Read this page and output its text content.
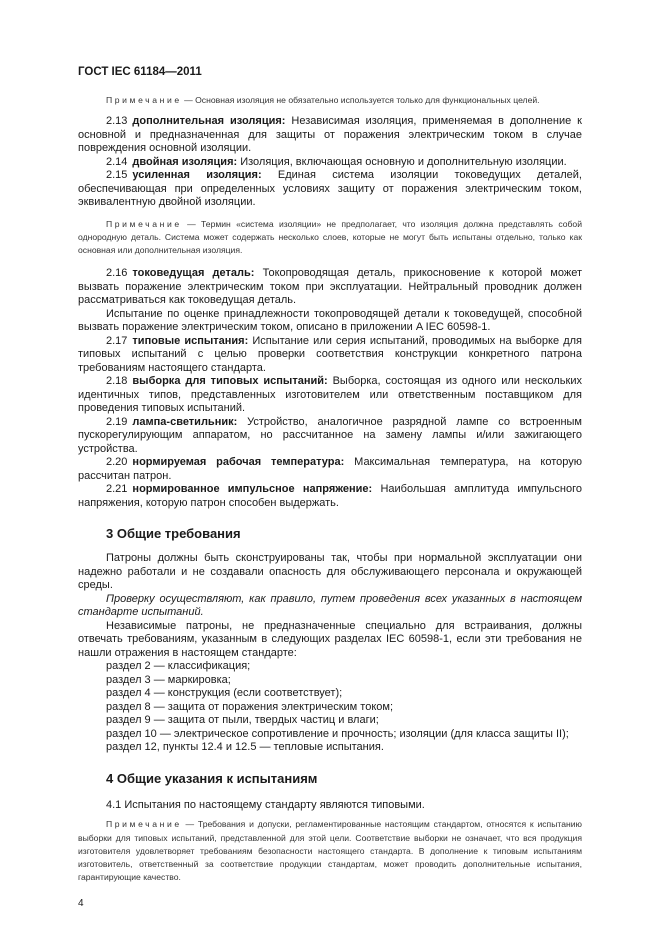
ГОСТ IEC 61184—2011

Примечание — Основная изоляция не обязательно используется только для функциональных целей.

2.13 дополнительная изоляция: Независимая изоляция, применяемая в дополнение к основной и предназначенная для защиты от поражения электрическим током в случае повреждения основной изоляции.

2.14 двойная изоляция: Изоляция, включающая основную и дополнительную изоляции.

2.15 усиленная изоляция: Единая система изоляции токоведущих деталей, обеспечивающая при определенных условиях защиту от поражения электрическим током, эквивалентную двойной изоляции.

Примечание — Термин «система изоляции» не предполагает, что изоляция должна представлять собой однородную деталь. Система может содержать несколько слоев, которые не могут быть испытаны отдельно, только как основная или дополнительная изоляция.

2.16 токоведущая деталь: Токопроводящая деталь, прикосновение к которой может вызвать поражение электрическим током при эксплуатации. Нейтральный проводник должен рассматриваться как токоведущая деталь.

Испытание по оценке принадлежности токопроводящей детали к токоведущей, способной вызвать поражение электрическим током, описано в приложении A IEC 60598-1.

2.17 типовые испытания: Испытание или серия испытаний, проводимых на выборке для типовых испытаний с целью проверки соответствия конструкции конкретного патрона требованиям настоящего стандарта.

2.18 выборка для типовых испытаний: Выборка, состоящая из одного или нескольких идентичных типов, представленных изготовителем или ответственным поставщиком для проведения типовых испытаний.

2.19 лампа-светильник: Устройство, аналогичное разрядной лампе со встроенным пускорегулирующим аппаратом, но рассчитанное на замену лампы и/или зажигающего устройства.

2.20 нормируемая рабочая температура: Максимальная температура, на которую рассчитан патрон.

2.21 нормированное импульсное напряжение: Наибольшая амплитуда импульсного напряжения, которую патрон способен выдержать.

3 Общие требования

Патроны должны быть сконструированы так, чтобы при нормальной эксплуатации они надежно работали и не создавали опасность для обслуживающего персонала и окружающей среды.

Проверку осуществляют, как правило, путем проведения всех указанных в настоящем стандарте испытаний.

Независимые патроны, не предназначенные специально для встраивания, должны отвечать требованиям, указанным в следующих разделах IEC 60598-1, если эти требования не нашли отражения в настоящем стандарте:

раздел 2 — классификация;

раздел 3 — маркировка;

раздел 4 — конструкция (если соответствует);

раздел 8 — защита от поражения электрическим током;

раздел 9 — защита от пыли, твердых частиц и влаги;

раздел 10 — электрическое сопротивление и прочность; изоляции (для класса защиты II);

раздел 12, пункты 12.4 и 12.5 — тепловые испытания.

4 Общие указания к испытаниям

4.1 Испытания по настоящему стандарту являются типовыми.

Примечание — Требования и допуски, регламентированные настоящим стандартом, относятся к испытанию выборки для типовых испытаний, представленной для этой цели. Соответствие выборки не означает, что вся продукция изготовителя удовлетворяет требованиям безопасности настоящего стандарта. В дополнение к типовым испытаниям изготовитель, ответственный за соответствие продукции стандартам, может проводить дополнительные испытания, гарантирующие качество.

4
